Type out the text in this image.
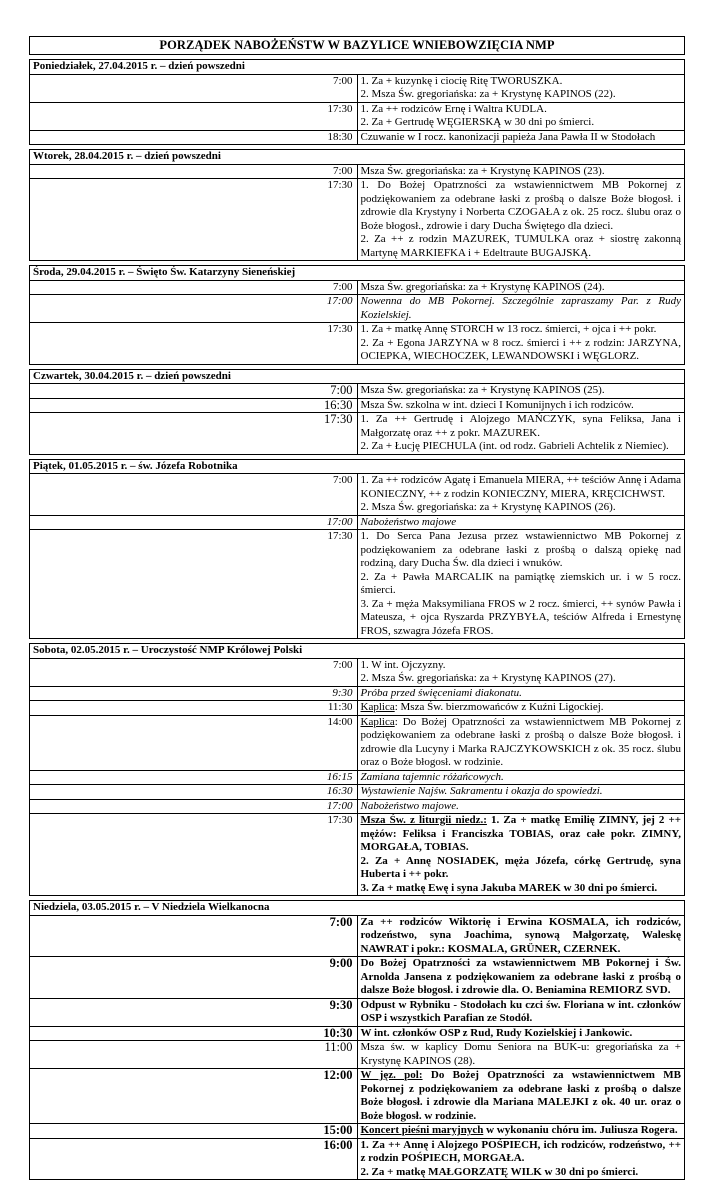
PORZĄDEK NABOŻEŃSTW W BAZYLICE WNIEBOWZIĘCIA NMP
Poniedziałek, 27.04.2015 r. – dzień powszedni	
7:00	1. Za + kuzynkę i ciocię Ritę TWORUSZKA.
2. Msza Św. gregoriańska: za + Krystynę KAPINOS (22).

17:30	1. Za ++ rodziców Ernę i Waltra KUDLA.
2. Za + Gertrudę WĘGIERSKĄ w 30 dni po śmierci.

18:30	Czuwanie w I rocz. kanonizacji papieża Jana Pawła II w Stodołach
Wtorek, 28.04.2015 r. – dzień powszedni	
7:00	Msza Św. gregoriańska: za + Krystynę KAPINOS (23).

17:30	1. Do Bożej Opatrzności za wstawiennictwem MB Pokornej z podziękowaniem za odebrane łaski z prośbą o dalsze Boże błogosł. i zdrowie dla Krystyny i Norberta CZOGAŁA z ok. 25 rocz. ślubu oraz o Boże błogosł., zdrowie i dary Ducha Świętego dla dzieci.
2. Za ++ z rodzin MAZUREK, TUMULKA oraz + siostrę zakonną Martynę MARKIEFKA i + Edeltraute BUGAJSKĄ.
Środa, 29.04.2015 r. – Święto Św. Katarzyny Sieneńskiej	
7:00	Msza Św. gregoriańska: za + Krystynę KAPINOS (24).

17:00	Nowenna do MB Pokornej. Szczególnie zapraszamy Par. z Rudy Kozielskiej.

17:30	1. Za + matkę Annę STORCH w 13 rocz. śmierci, + ojca i ++ pokr.
2. Za + Egona JARZYNA w 8 rocz. śmierci i ++ z rodzin: JARZYNA, OCIEPKA, WIECHOCZEK, LEWANDOWSKI i WĘGLORZ.
Czwartek, 30.04.2015 r. – dzień powszedni	
7:00	Msza Św. gregoriańska: za + Krystynę KAPINOS (25).

16:30	Msza Św. szkolna w int. dzieci I Komunijnych i ich rodziców.

17:30	1. Za ++ Gertrudę i Alojzego MAŃCZYK, syna Feliksa, Jana i Małgorzatę oraz ++ z pokr. MAZUREK.
2. Za + Łucję PIECHULA (int. od rodz. Gabrieli Achtelik z Niemiec).
Piątek, 01.05.2015 r. – św. Józefa Robotnika	
7:00	1. Za ++ rodziców Agatę i Emanuela MIERA, ++ teściów Annę i Adama KONIECZNY, ++ z rodzin KONIECZNY, MIERA, KRĘCICHWST.
2. Msza Św. gregoriańska: za + Krystynę KAPINOS (26).

17:00	Nabożeństwo majowe

17:30	1. Do Serca Pana Jezusa przez wstawiennictwo MB Pokornej z podziękowaniem za odebrane łaski z prośbą o dalszą opiekę nad rodziną, dary Ducha Św. dla dzieci i wnuków.
2. Za + Pawła MARCALIK na pamiątkę ziemskich ur. i w 5 rocz. śmierci.
3. Za + męża Maksymiliana FROS w 2 rocz. śmierci, ++ synów Pawła i Mateusza, + ojca Ryszarda PRZYBYŁA, teściów Alfreda i Ernestynę FROS, szwagra Józefa FROS.
Sobota, 02.05.2015 r. – Uroczystość NMP Królowej Polski	
7:00	1. W int. Ojczyzny.
2. Msza Św. gregoriańska: za + Krystynę KAPINOS (27).

9:30	Próba przed święceniami diakonatu.

11:30	Kaplica: Msza Św. bierzmowańców z Kuźni Ligockiej.

14:00	Kaplica: Do Bożej Opatrzności za wstawiennictwem MB Pokornej z podziękowaniem za odebrane łaski z prośbą o dalsze Boże błogosł. i zdrowie dla Lucyny i Marka RAJCZYKOWSKICH z ok. 35 rocz. ślubu oraz o Boże błogosł. w rodzinie.

16:15	Zamiana tajemnic różańcowych.

16:30	Wystawienie Najśw. Sakramentu i okazja do spowiedzi.

17:00	Nabożeństwo majowe.

17:30	Msza Św. z liturgii niedz.: 1. Za + matkę Emilię ZIMNY, jej 2 ++ mężów: Feliksa i Franciszka TOBIAS, oraz całe pokr. ZIMNY, MORGAŁA, TOBIAS.
2. Za + Annę NOSIADEK, męża Józefa, córkę Gertrudę, syna Huberta i ++ pokr.
3. Za + matkę Ewę i syna Jakuba MAREK w 30 dni po śmierci.
Niedziela, 03.05.2015 r. – V Niedziela Wielkanocna	
7:00	Za ++ rodziców Wiktorię i Erwina KOSMALA, ich rodziców, rodzeństwo, syna Joachima, synową Małgorzatę, Waleskę NAWRAT i pokr.: KOSMALA, GRÜNER, CZERNEK.

9:00	Do Bożej Opatrzności za wstawiennictwem MB Pokornej i Św. Arnolda Jansena z podziękowaniem za odebrane łaski z prośbą o dalsze Boże błogosł. i zdrowie dla. O. Beniamina REMIORZ SVD.

9:30	Odpust w Rybniku - Stodołach ku czci św. Floriana w int. członków OSP i wszystkich Parafian ze Stodół.

10:30	W int. członków OSP z Rud, Rudy Kozielskiej i Jankowic.

11:00	Msza św. w kaplicy Domu Seniora na BUK-u: gregoriańska za + Krystynę KAPINOS (28).

12:00	W jęz. pol: Do Bożej Opatrzności za wstawiennictwem MB Pokornej z podziękowaniem za odebrane łaski z prośbą o dalsze Boże błogosł. i zdrowie dla Mariana MALEJKI z ok. 40 ur. oraz o Boże błogosł. w rodzinie.

15:00	Koncert pieśni maryjnych w wykonaniu chóru im. Juliusza Rogera.

16:00	1. Za ++ Annę i Alojzego POŚPIECH, ich rodziców, rodzeństwo, ++ z rodzin POŚPIECH, MORGAŁA.
2. Za + matkę MAŁGORZATĘ WILK w 30 dni po śmierci.
